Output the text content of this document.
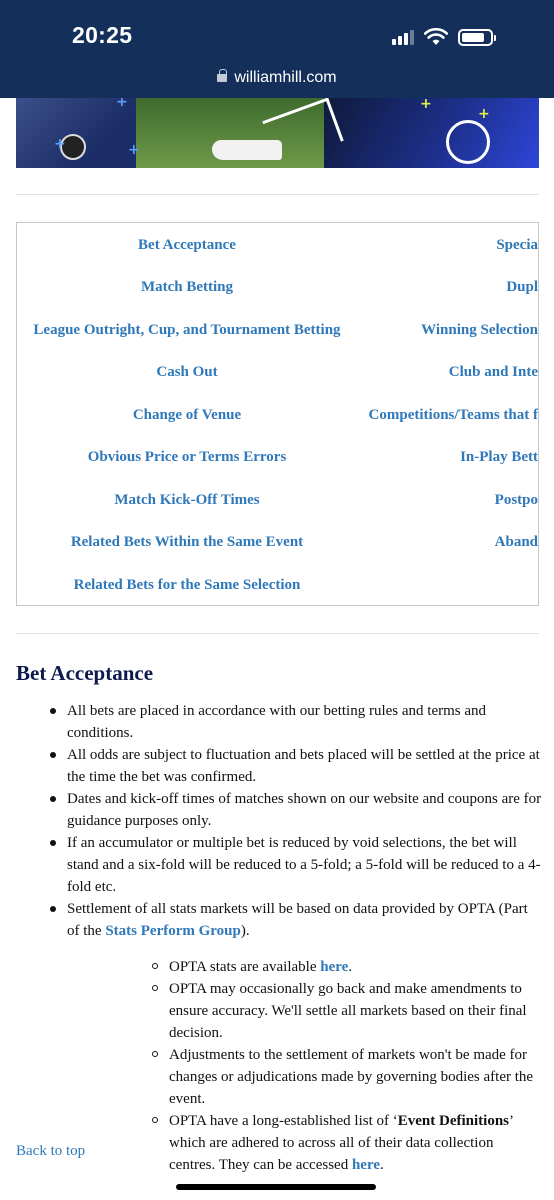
20:25
williamhill.com
+
+	+
+
+
Bet Acceptance
Match Betting
League Outright, Cup, and Tournament Betting
Cash Out
Change of Venue
Obvious Price or Terms Errors
Match Kick-Off Times
Related Bets Within the Same Event
Related Bets for the Same Selection
Specia
Dupl
Winning Selection
Club and Inte
Competitions/Teams that f
In-Play Bett
Postpo
Aband
Bet Acceptance
All bets are placed in accordance with our betting rules and terms and conditions.
All odds are subject to fluctuation and bets placed will be settled at the price at the time the bet was confirmed.
Dates and kick-off times of matches shown on our website and coupons are for guidance purposes only.
If an accumulator or multiple bet is reduced by void selections, the bet will stand and a six-fold will be reduced to a 5-fold; a 5-fold will be reduced to a 4-fold etc.
Settlement of all stats markets will be based on data provided by OPTA (Part of the Stats Perform Group).
OPTA stats are available here.
OPTA may occasionally go back and make amendments to ensure accuracy. We'll settle all markets based on their final decision.
Adjustments to the settlement of markets won't be made for changes or adjudications made by governing bodies after the event.
OPTA have a long-established list of ‘Event Definitions’ which are adhered to across all of their data collection centres. They can be accessed here.
Back to top
